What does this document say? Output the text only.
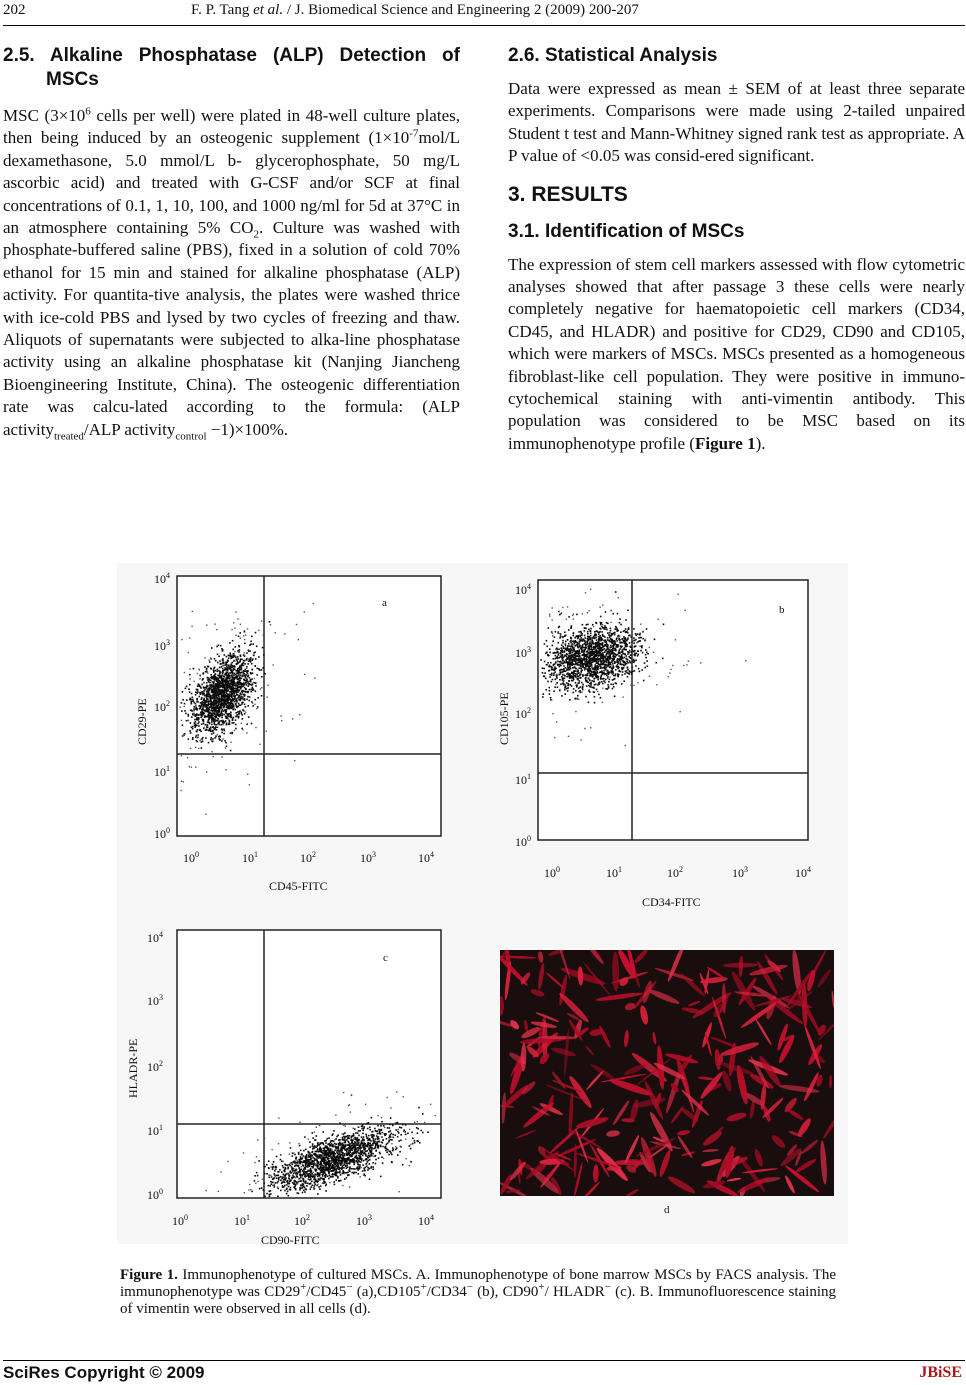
202	F. P. Tang et al. / J. Biomedical Science and Engineering 2 (2009) 200-207
2.5. Alkaline Phosphatase (ALP) Detection of MSCs

MSC ($3\times 10^6$ cells per well) were plated in 48-well culture plates, then being induced by an osteogenic supplement ($1\times 10^{-7}mol/L$ dexamethasone, 5.0 mmol/L b- glycerophosphate, 50 mg/L ascorbic acid) and treated with G-CSF and/or SCF at final concentrations of 0.1, 1, 10, 100, and 1000 ng/ml for 5d at 37°C in an atmosphere containing 5% $CO_2$. Culture was washed with phosphate-buffered saline (PBS), fixed in a solution of cold 70% ethanol for 15 min and stained for alkaline phosphatase (ALP) activity. For quantita-tive analysis, the plates were washed thrice with ice-cold PBS and lysed by two cycles of freezing and thaw. Aliquots of supernatants were subjected to alka-line phosphatase activity using an alkaline phosphatase kit (Nanjing Jiancheng Bioengineering Institute, China). The osteogenic differentiation rate was calcu-lated according to the formula: (ALP activity$_{treated}$/ALP activity$_{control}$ −1)×100%.

2.6. Statistical Analysis

Data were expressed as mean ± SEM of at least three separate experiments. Comparisons were made using 2-tailed unpaired Student t test and Mann-Whitney signed rank test as appropriate. A P value of <0.05 was consid-ered significant.

3. RESULTS
3.1. Identification of MSCs

The expression of stem cell markers assessed with flow cytometric analyses showed that after passage 3 these cells were nearly completely negative for haematopoietic cell markers (CD34, CD45, and HLADR) and positive for CD29, CD90 and CD105, which were markers of MSCs. MSCs presented as a homogeneous fibroblast-like cell population. They were positive in immuno-cytochemical staining with anti-vimentin antibody. This population was considered to be MSC based on its immunophenotype profile (Figure 1).

a
$10^4$
$10^3$
$10^2$
$10^1$
$10^0$
$10^0$	$10^1$	$10^2$	$10^3$	$10^4$
CD45-FITC
CD29-PE
b
$10^4$
$10^3$
$10^2$
$10^1$
$10^0$
$10^0$	$10^1$	$10^2$	$10^3$	$10^4$
CD34-FITC
CD105-PE
c
$10^4$
$10^3$
$10^2$
$10^1$
$10^0$
$10^0$	$10^1$	$10^2$	$10^3$	$10^4$
CD90-FITC
HLADR-PE
d
Figure 1. Immunophenotype of cultured MSCs. A. Immunophenotype of bone marrow MSCs by FACS analysis. The immunophenotype was CD29+/CD45− (a),CD105+/CD34− (b), CD90+/ HLADR− (c). B. Immunofluorescence staining of vimentin were observed in all cells (d).
SciRes Copyright © 2009	JBiSE
